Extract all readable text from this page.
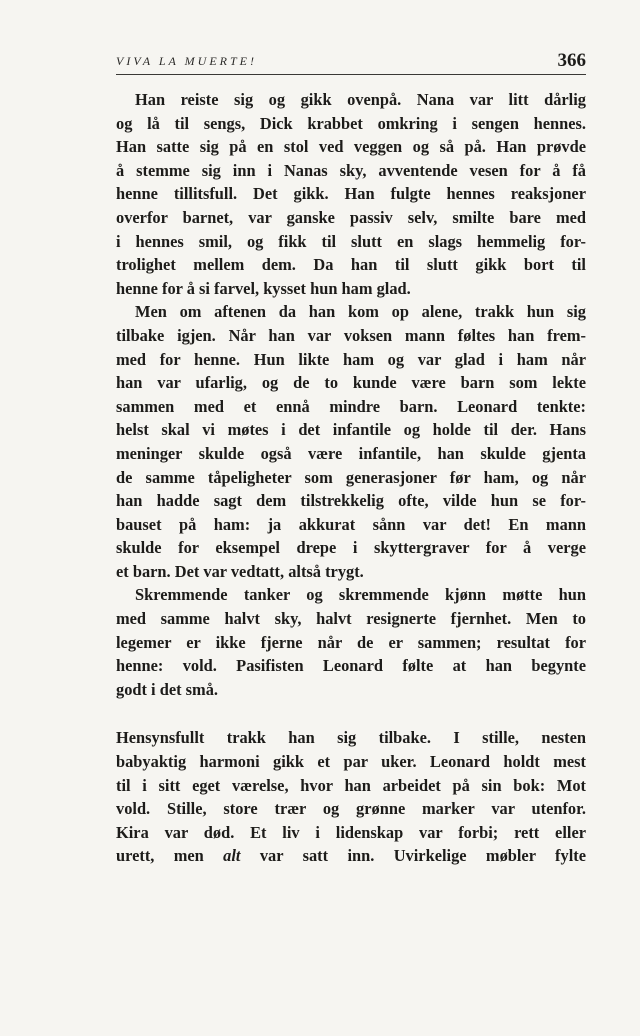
VIVA LA MUERTE!	366
Han reiste sig og gikk ovenpå. Nana var litt dårlig
og lå til sengs, Dick krabbet omkring i sengen hennes.
Han satte sig på en stol ved veggen og så på. Han prøvde
å stemme sig inn i Nanas sky, avventende vesen for å få
henne tillitsfull. Det gikk. Han fulgte hennes reaksjoner
overfor barnet, var ganske passiv selv, smilte bare med
i hennes smil, og fikk til slutt en slags hemmelig for-
trolighet mellem dem. Da han til slutt gikk bort til
henne for å si farvel, kysset hun ham glad.
Men om aftenen da han kom op alene, trakk hun sig
tilbake igjen. Når han var voksen mann føltes han frem-
med for henne. Hun likte ham og var glad i ham når
han var ufarlig, og de to kunde være barn som lekte
sammen med et ennå mindre barn. Leonard tenkte:
helst skal vi møtes i det infantile og holde til der. Hans
meninger skulde også være infantile, han skulde gjenta
de samme tåpeligheter som generasjoner før ham, og når
han hadde sagt dem tilstrekkelig ofte, vilde hun se for-
bauset på ham: ja akkurat sånn var det! En mann
skulde for eksempel drepe i skyttergraver for å verge
et barn. Det var vedtatt, altså trygt.
Skremmende tanker og skremmende kjønn møtte hun
med samme halvt sky, halvt resignerte fjernhet. Men to
legemer er ikke fjerne når de er sammen; resultat for
henne: vold. Pasifisten Leonard følte at han begynte
godt i det små.
Hensynsfullt trakk han sig tilbake. I stille, nesten
babyaktig harmoni gikk et par uker. Leonard holdt mest
til i sitt eget værelse, hvor han arbeidet på sin bok: Mot
vold. Stille, store trær og grønne marker var utenfor.
Kira var død. Et liv i lidenskap var forbi; rett eller
urett, men alt var satt inn. Uvirkelige møbler fylte
